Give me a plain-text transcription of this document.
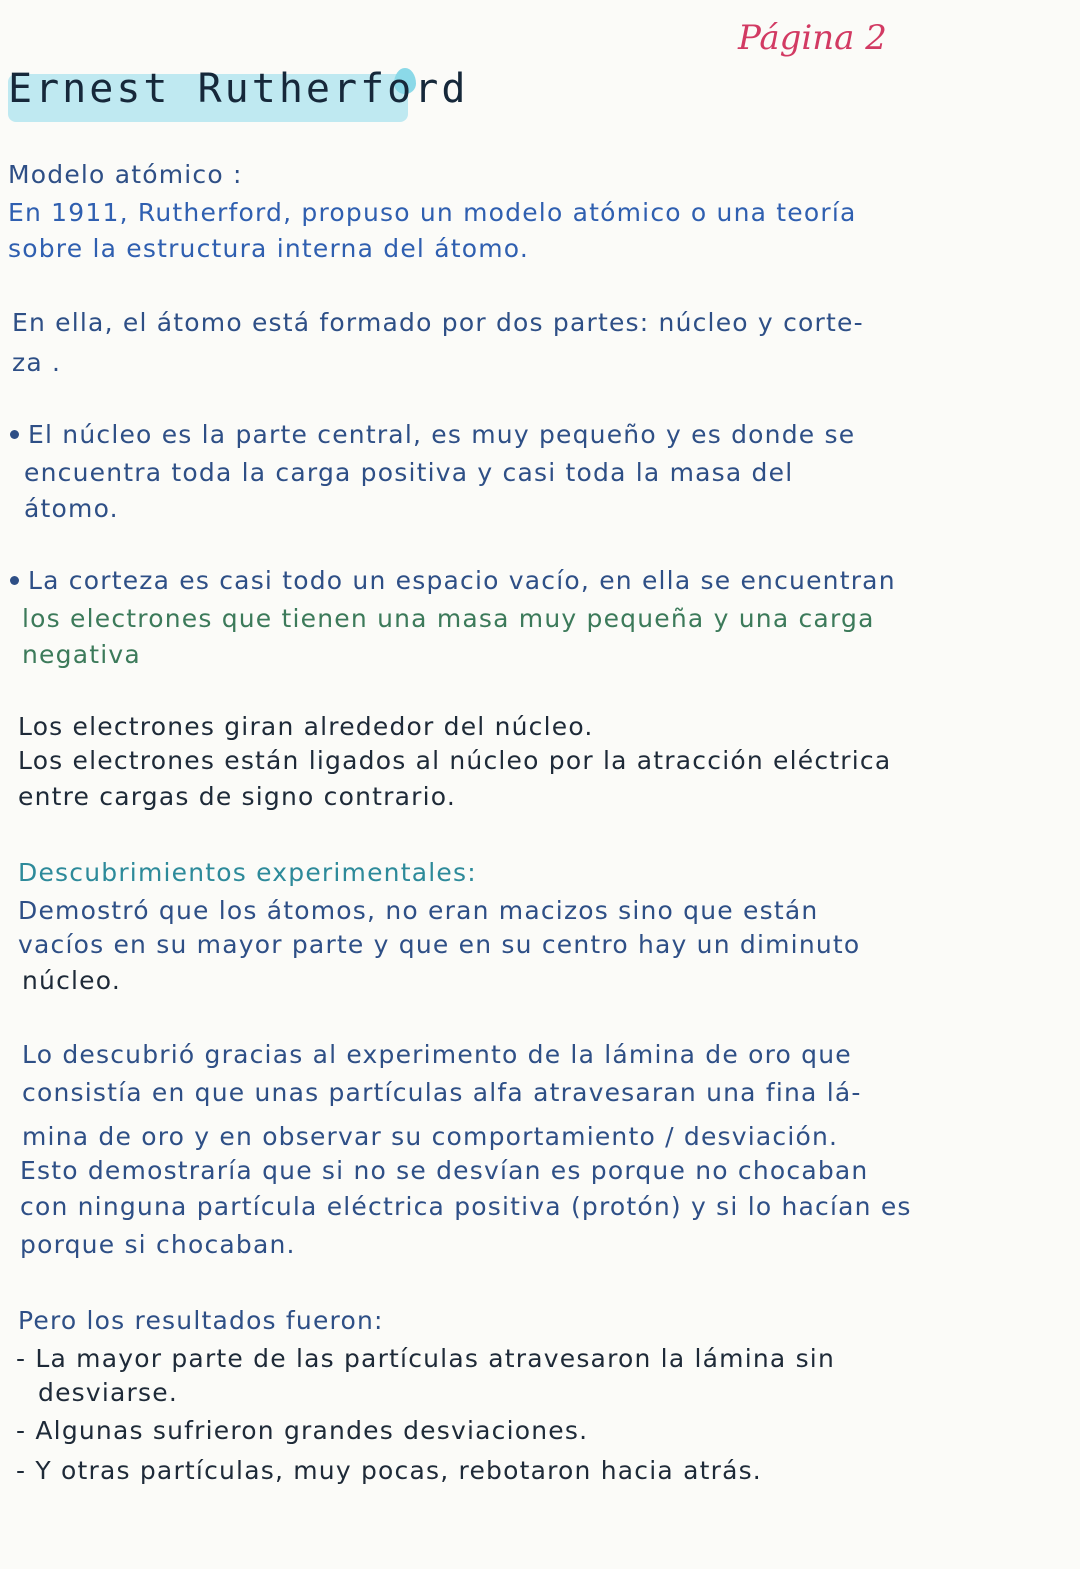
Página 2
Ernest Rutherford
Modelo atómico :
En 1911, Rutherford, propuso un modelo atómico o una teoría
sobre la estructura interna del átomo.
En ella, el átomo está formado por dos partes: núcleo y corte-
za .
El núcleo es la parte central, es muy pequeño y es donde se
encuentra toda la carga positiva y casi toda la masa del
átomo.
La corteza es casi todo un espacio vacío, en ella se encuentran
los electrones que tienen una masa muy pequeña y una carga
negativa
Los electrones giran alrededor del núcleo.
Los electrones están ligados al núcleo por la atracción eléctrica
entre cargas de signo contrario.
Descubrimientos experimentales:
Demostró que los átomos, no eran macizos sino que están
vacíos en su mayor parte y que en su centro hay un diminuto
núcleo.
Lo descubrió gracias al experimento de la lámina de oro que
consistía en que unas partículas alfa atravesaran una fina lá-
mina de oro y en observar su comportamiento / desviación.
Esto demostraría que si no se desvían es porque no chocaban
con ninguna partícula eléctrica positiva (protón) y si lo hacían es
porque si chocaban.
Pero los resultados fueron:
- La mayor parte de las partículas atravesaron la lámina sin
desviarse.
- Algunas sufrieron grandes desviaciones.
- Y otras partículas, muy pocas, rebotaron hacia atrás.
